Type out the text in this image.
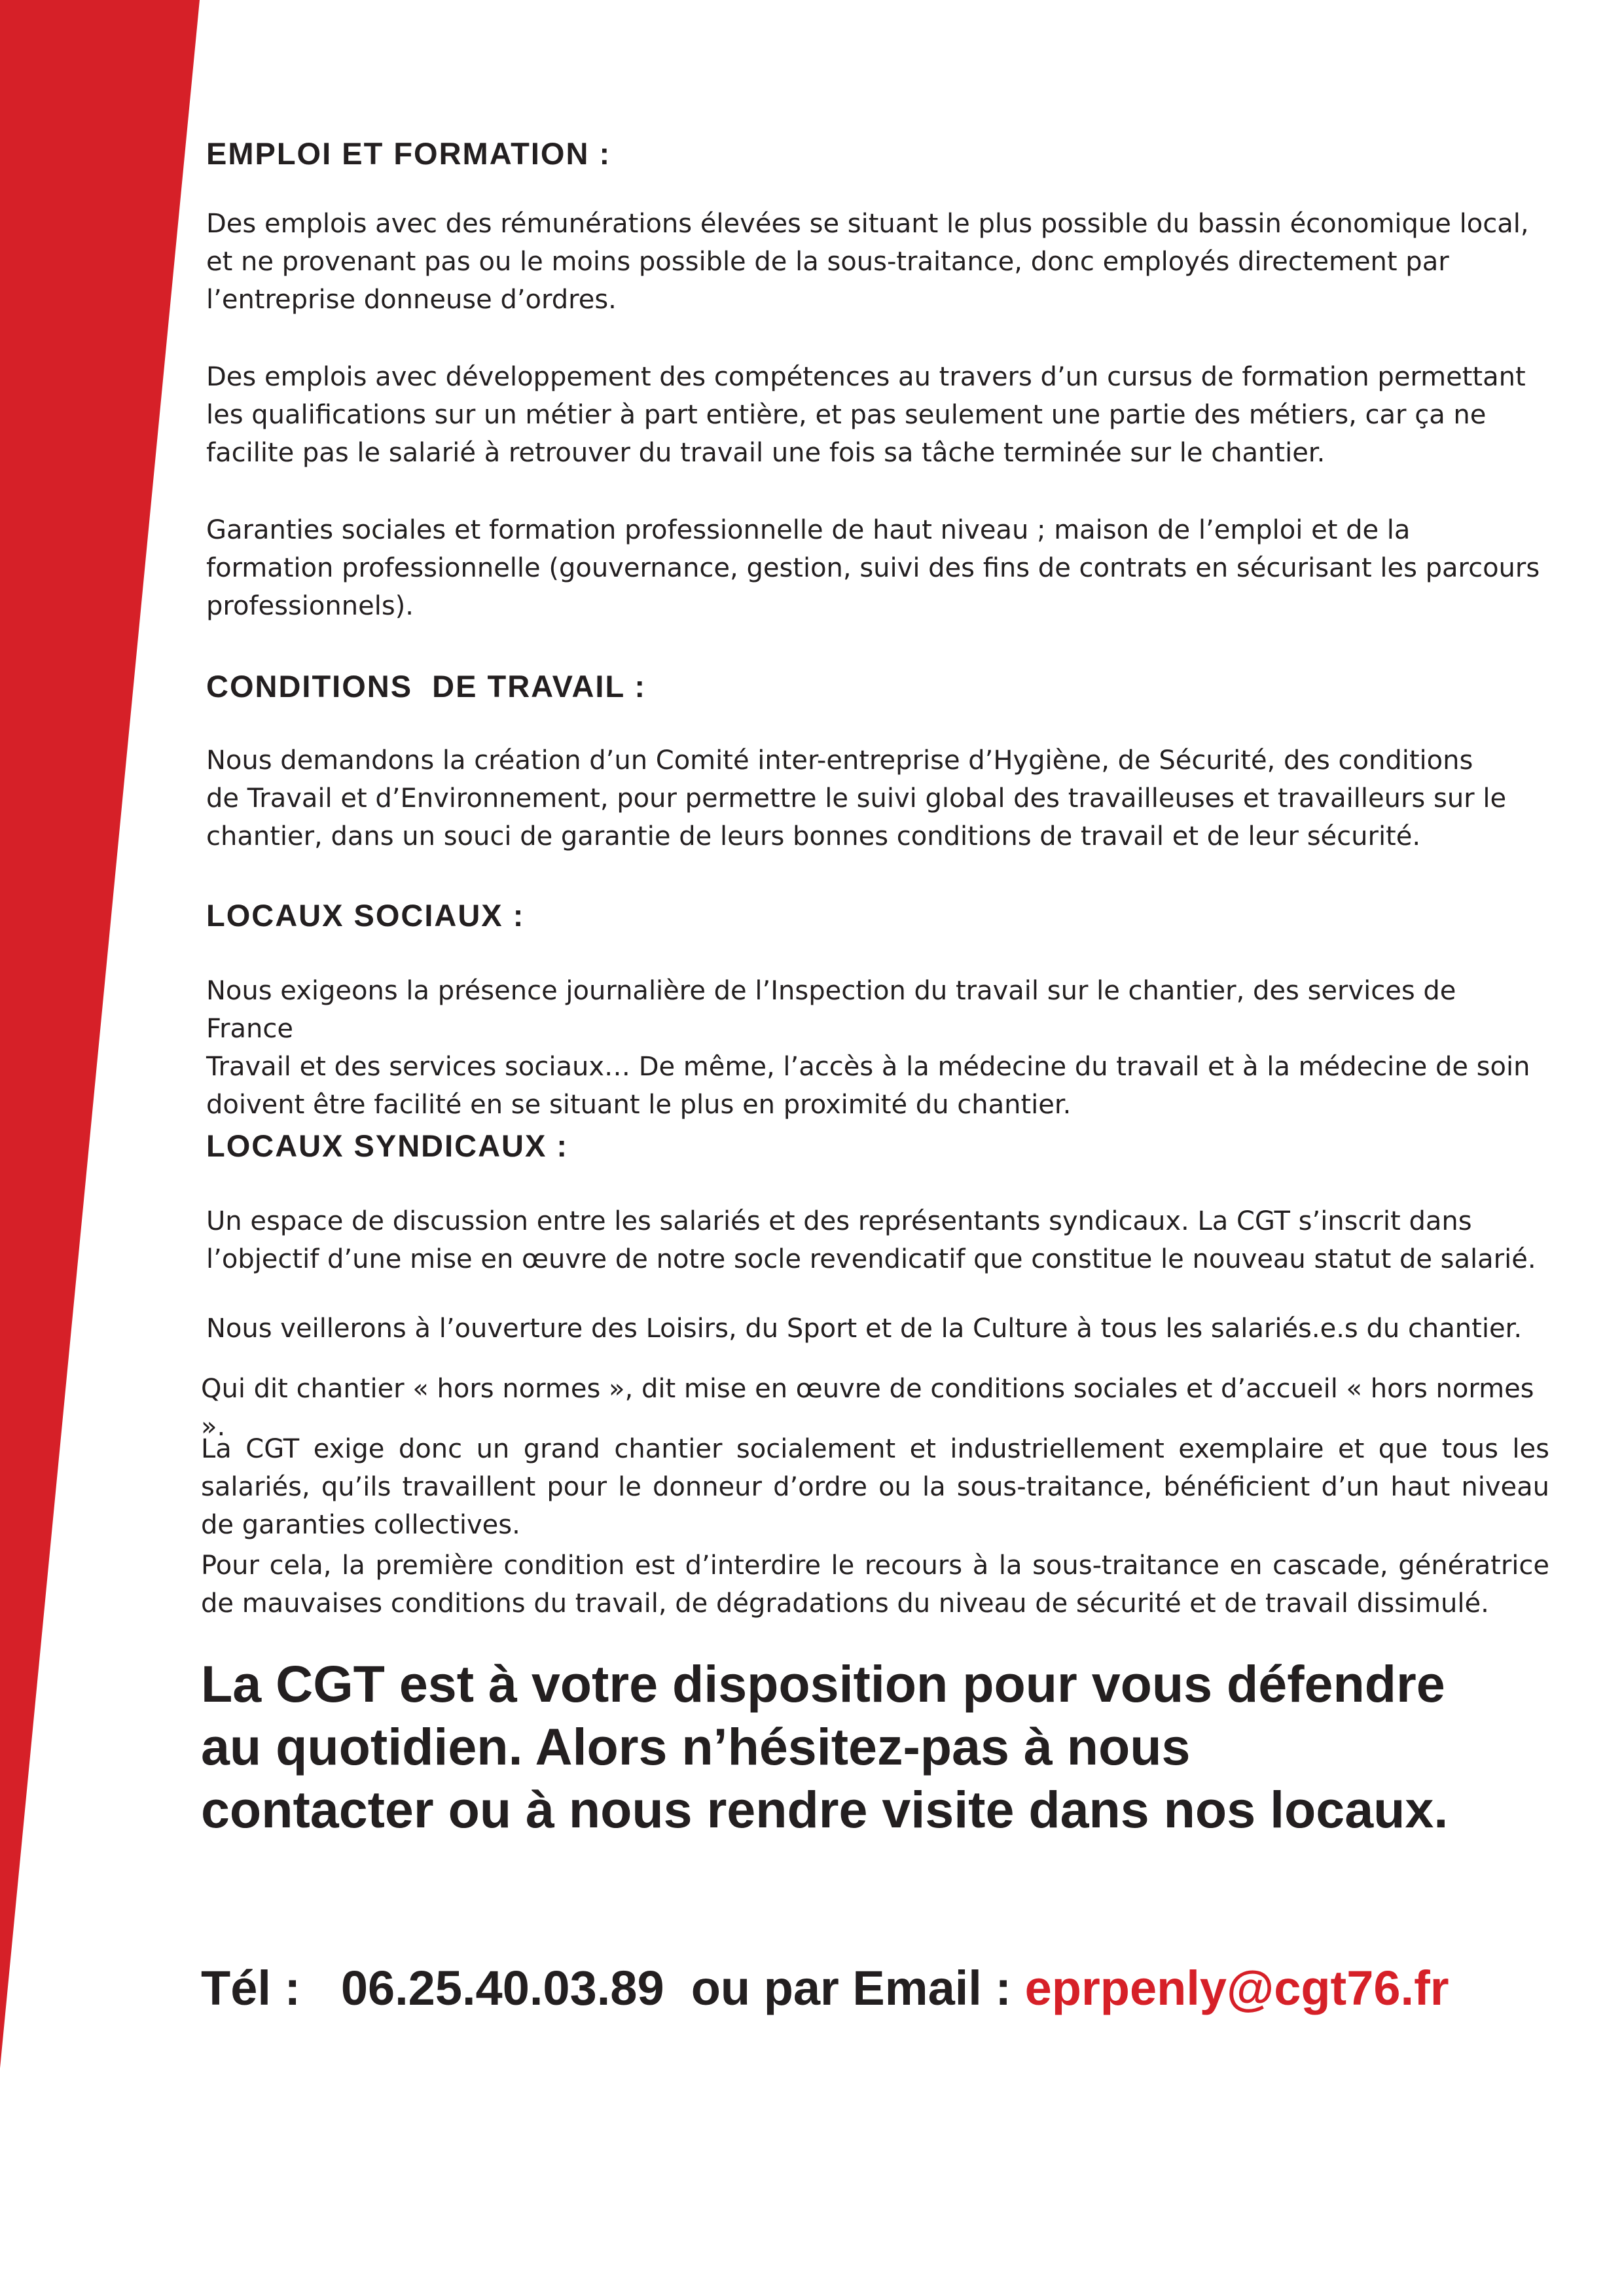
EMPLOI ET FORMATION :

Des emplois avec des rémunérations élevées se situant le plus possible du bassin économique local,
et ne provenant pas ou le moins possible de la sous-traitance, donc employés directement par
l’entreprise donneuse d’ordres.

Des emplois avec développement des compétences au travers d’un cursus de formation permettant
les qualifications sur un métier à part entière, et pas seulement une partie des métiers, car ça ne
facilite pas le salarié à retrouver du travail une fois sa tâche terminée sur le chantier.

Garanties sociales et formation professionnelle de haut niveau ; maison de l’emploi et de la
formation professionnelle (gouvernance, gestion, suivi des fins de contrats en sécurisant les parcours
professionnels).

CONDITIONS  DE TRAVAIL :

Nous demandons la création d’un Comité inter-entreprise d’Hygiène, de Sécurité, des conditions
de Travail et d’Environnement, pour permettre le suivi global des travailleuses et travailleurs sur le
chantier, dans un souci de garantie de leurs bonnes conditions de travail et de leur sécurité.

LOCAUX SOCIAUX :

Nous exigeons la présence journalière de l’Inspection du travail sur le chantier, des services de France
Travail et des services sociaux… De même, l’accès à la médecine du travail et à la médecine de soin
doivent être facilité en se situant le plus en proximité du chantier.

LOCAUX SYNDICAUX :

Un espace de discussion entre les salariés et des représentants syndicaux. La CGT s’inscrit dans
l’objectif d’une mise en œuvre de notre socle revendicatif que constitue le nouveau statut de salarié.

Nous veillerons à l’ouverture des Loisirs, du Sport et de la Culture à tous les salariés.e.s du chantier.

Qui dit chantier « hors normes », dit mise en œuvre de conditions sociales et d’accueil « hors normes ».

La CGT exige donc un grand chantier socialement et industriellement exemplaire et que tous les salariés, qu’ils travaillent pour le donneur d’ordre ou la sous-traitance, bénéficient d’un haut niveau de garanties collectives.

Pour cela, la première condition est d’interdire le recours à la sous-traitance en cascade, génératrice de mauvaises conditions du travail, de dégradations du niveau de sécurité et de travail dissimulé.

La CGT est à votre disposition pour vous défendre
au quotidien. Alors n’hésitez-pas à nous
contacter ou à nous rendre visite dans nos locaux.

Tél : 06.25.40.03.89 ou par Email : eprpenly@cgt76.fr
